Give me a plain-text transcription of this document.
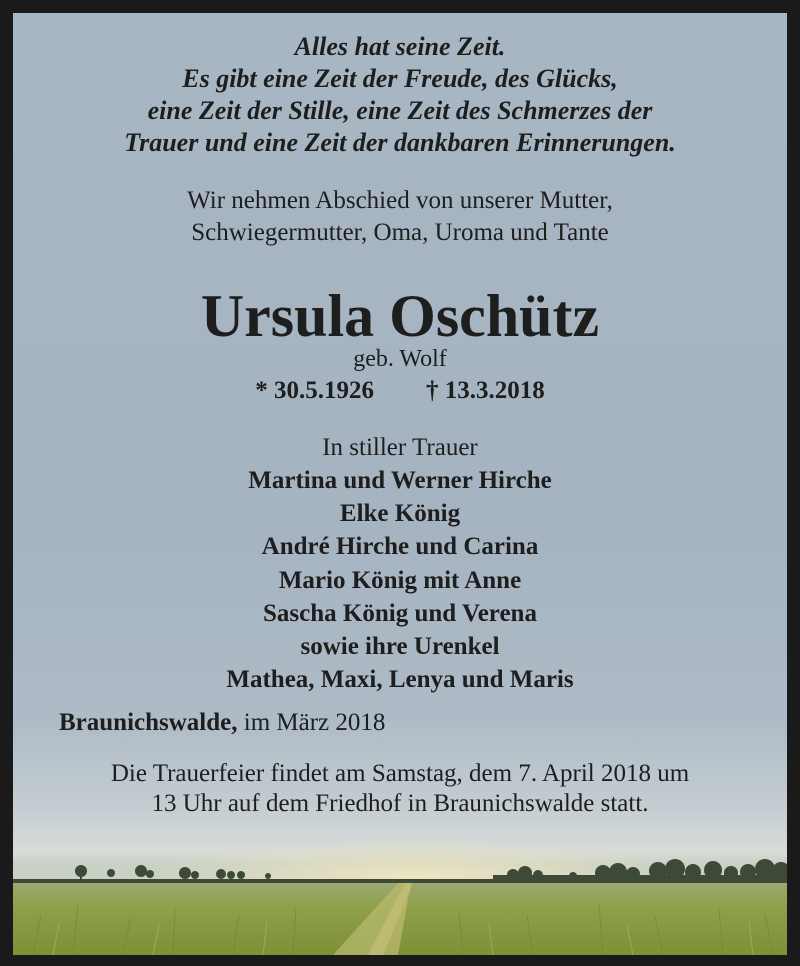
Alles hat seine Zeit.
Es gibt eine Zeit der Freude, des Glücks,
eine Zeit der Stille, eine Zeit des Schmerzes der
Trauer und eine Zeit der dankbaren Erinnerungen.
Wir nehmen Abschied von unserer Mutter,
Schwiegermutter, Oma, Uroma und Tante
Ursula Oschütz
geb. Wolf
* 30.5.1926 † 13.3.2018
In stiller Trauer
Martina und Werner Hirche
Elke König
André Hirche und Carina
Mario König mit Anne
Sascha König und Verena
sowie ihre Urenkel
Mathea, Maxi, Lenya und Maris
Braunichswalde, im März 2018
Die Trauerfeier findet am Samstag, dem 7. April 2018 um
13 Uhr auf dem Friedhof in Braunichswalde statt.
